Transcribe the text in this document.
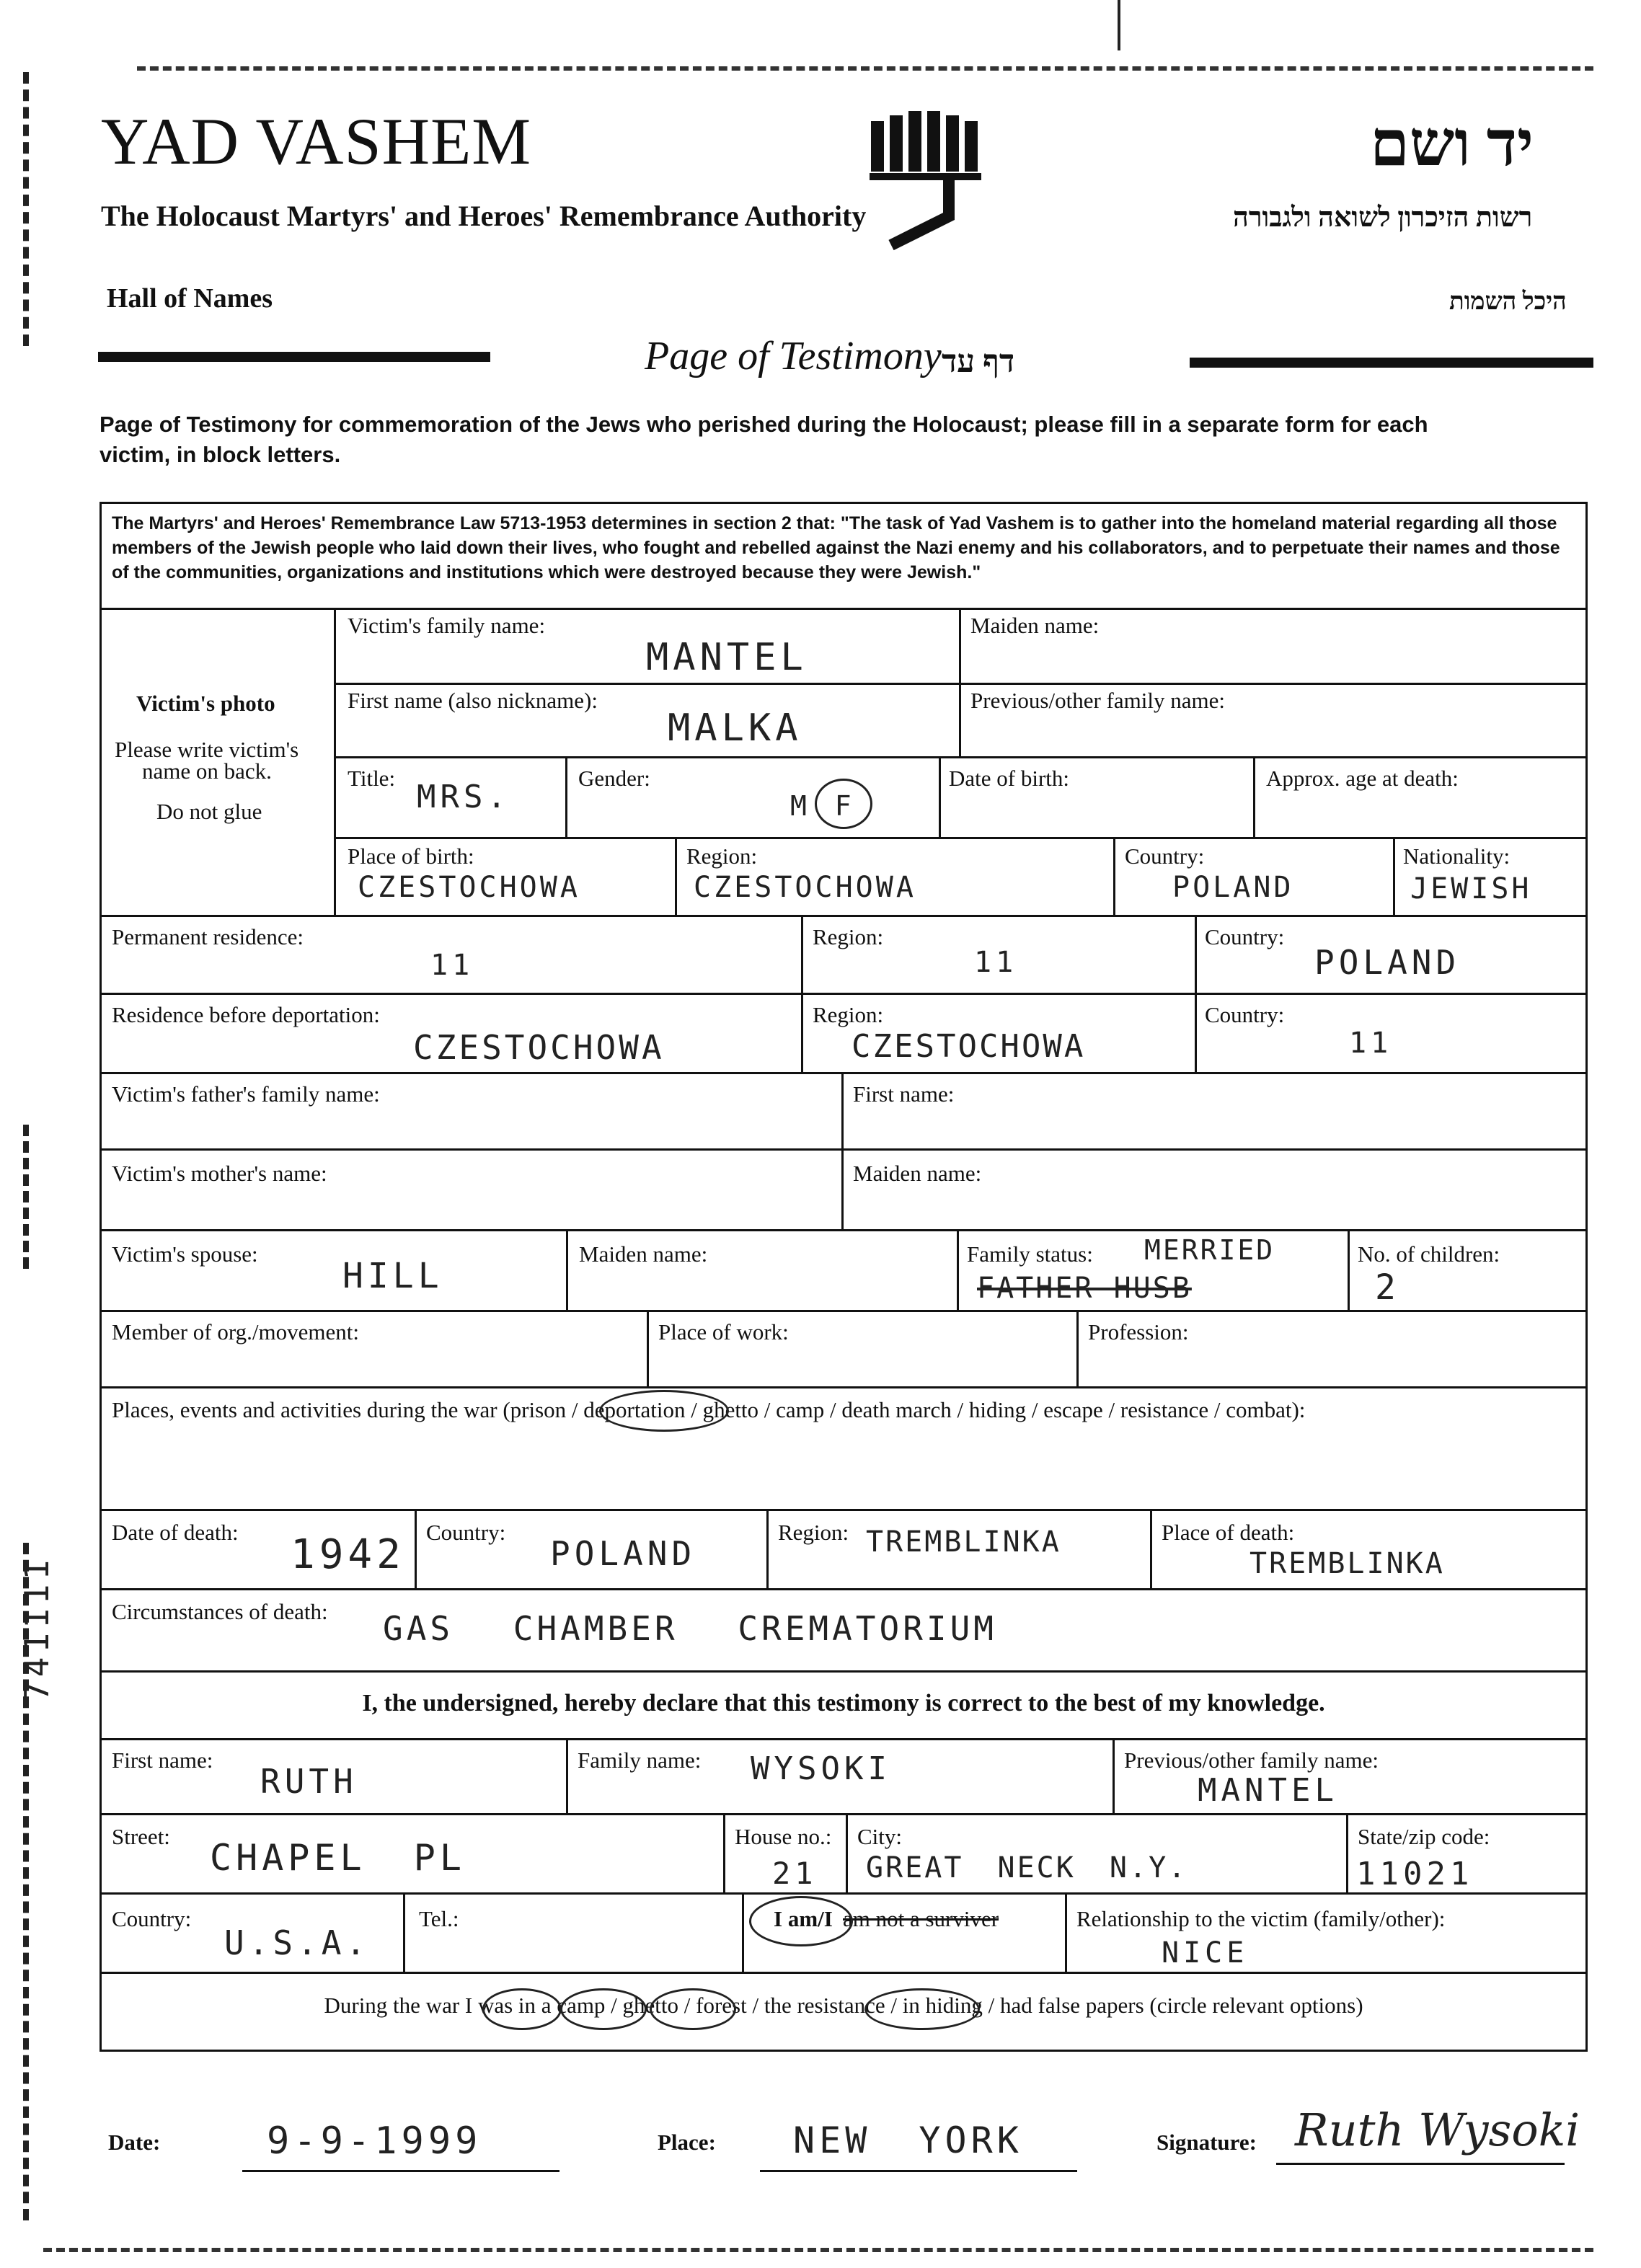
YAD VASHEM
The Holocaust Martyrs' and Heroes' Remembrance Authority
Hall of Names
יד ושם
רשות הזיכרון לשואה ולגבורה
היכל השמות
Page of Testimony דף עד
Page of Testimony for commemoration of the Jews who perished during the Holocaust; please fill in a separate form for each victim, in block letters.
The Martyrs' and Heroes' Remembrance Law 5713-1953 determines in section 2 that: "The task of Yad Vashem is to gather into the homeland material regarding all those members of the Jewish people who laid down their lives, who fought and rebelled against the Nazi enemy and his collaborators, and to perpetuate their names and those of the communities, organizations and institutions which were destroyed because they were Jewish."
Victim's photo
Please write victim's
name on back.
Do not glue
Victim's family name:
MANTEL
Maiden name:
First name (also nickname):
MALKA
Previous/other family name:
Title:
MRS.
Gender:
M F
Date of birth:	Approx. age at death:
Place of birth:
CZESTOCHOWA
Region:
CZESTOCHOWA
Country:
POLAND
Nationality:
JEWISH
Permanent residence:
11
Region:
11
Country:
POLAND
Residence before deportation:
CZESTOCHOWA
Region:
CZESTOCHOWA
Country:
11
Victim's father's family name:	First name:
Victim's mother's name:	Maiden name:
Victim's spouse:
HILL
Maiden name:	Family status: MERRIED
FATHER HUSB
No. of children:
2
Member of org./movement:	Place of work:	Profession:
Places, events and activities during the war (prison / deportation / ghetto / camp / death march / hiding / escape / resistance / combat):
Date of death: 1942 Country:
POLAND
Region: TREMBLINKA	Place of death:
TREMBLINKA
Circumstances of death: GAS CHAMBER CREMATORIUM
I, the undersigned, hereby declare that this testimony is correct to the best of my knowledge.
First name:
RUTH
Family name: WYSOKI	Previous/other family name:
MANTEL
Street:
CHAPEL PL
House no.:
21
City:
GREAT NECK N.Y.
State/zip code:
11021
Country:
U.S.A.
Tel.:	I am/I am not a surviver	Relationship to the victim (family/other):
NICE
During the war I was in a camp / ghetto / forest / the resistance / in hiding / had false papers (circle relevant options)
Date:	9-9-1999	Place: NEW YORK	Signature: Ruth Wysoki
741111
